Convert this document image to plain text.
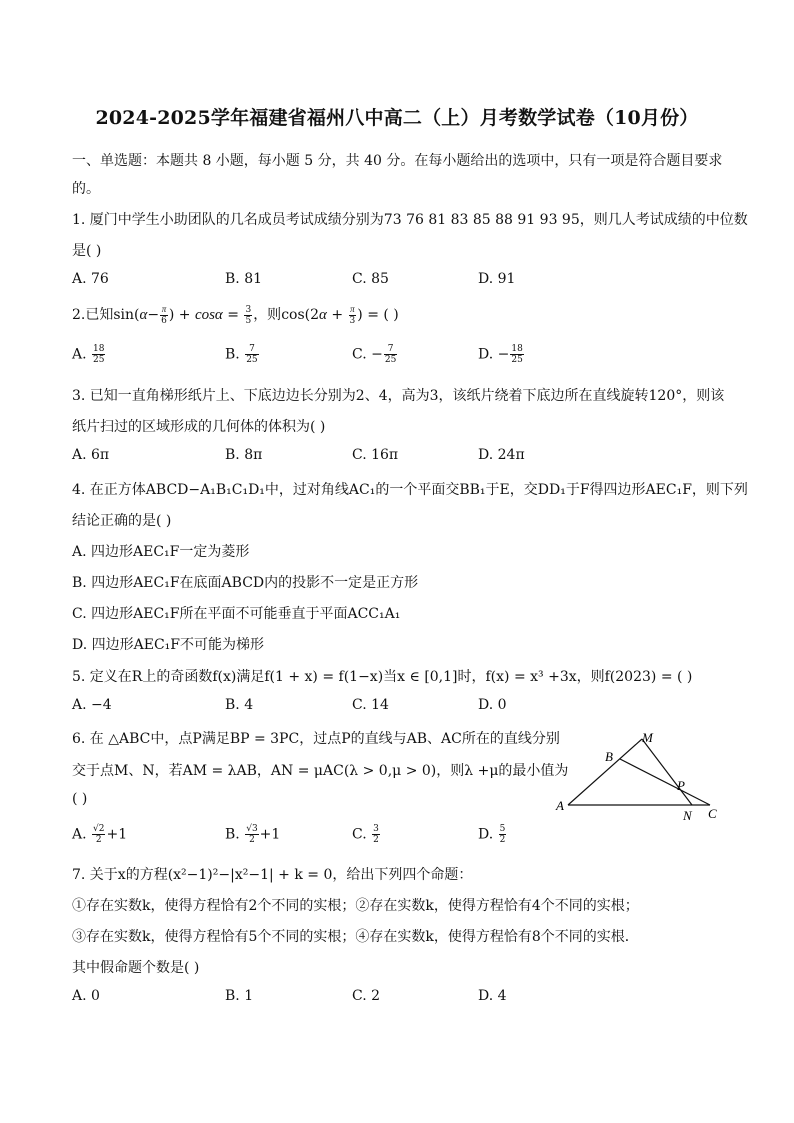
2024-2025学年福建省福州八中高二（上）月考数学试卷（10月份）
一、单选题：本题共 8 小题，每小题 5 分，共 40 分。在每小题给出的选项中，只有一项是符合题目要求
的。
1. 厦门中学生小助团队的几名成员考试成绩分别为73 76 81 83 85 88 91 93 95，则几人考试成绩的中位数
是( )
A. 76	B. 81	C. 85	D. 91
2.已知$\sin(\alpha- \frac{\pi}{6}$ ) + $\cos\alpha = \frac{3}{5}$ ，则$\cos(2\alpha + \frac{\pi}{3}$ ) = ( )
A. $\frac{18}{25}$	B. $\frac{7}{25}$	C. − $\frac{7}{25}$	D. − $\frac{18}{25}$
3. 已知一直角梯形纸片上、下底边边长分别为2、4，高为3，该纸片绕着下底边所在直线旋转120°，则该
纸片扫过的区域形成的几何体的体积为( )
A. 6π	B. 8π	C. 16π	D. 24π
4. 在正方体ABCD−A₁B₁C₁D₁中，过对角线AC₁的一个平面交BB₁于E，交DD₁于F得四边形AEC₁F，则下列
结论正确的是( )
A. 四边形AEC₁F一定为菱形
B. 四边形AEC₁F在底面ABCD内的投影不一定是正方形
C. 四边形AEC₁F所在平面不可能垂直于平面ACC₁A₁
D. 四边形AEC₁F不可能为梯形
5. 定义在R上的奇函数f(x)满足f(1 + x) = f(1−x)当x ∈ [0,1]时，f(x) = x³ +3x，则f(2023) = ( )
A. −4	B. 4	C. 14	D. 0
6. 在 △ABC中，点P满足BP = 3PC，过点P的直线与AB、AC所在的直线分别
交于点M、N，若AM = λAB，AN = μAC(λ > 0,μ > 0)，则λ +μ的最小值为
( )
A. $\frac{√2}{2} +1$	B. $\frac{√3}{2} +1$	C. $\frac{3}{2}$	D. $\frac{5}{2}$
M
B
P
A
N C
7. 关于x的方程(x²−1)²−|x²−1| + k = 0，给出下列四个命题：
①存在实数k，使得方程恰有2个不同的实根；②存在实数k，使得方程恰有4个不同的实根；
③存在实数k，使得方程恰有5个不同的实根；④存在实数k，使得方程恰有8个不同的实根．
其中假命题个数是( )
A. 0	B. 1	C. 2	D. 4
